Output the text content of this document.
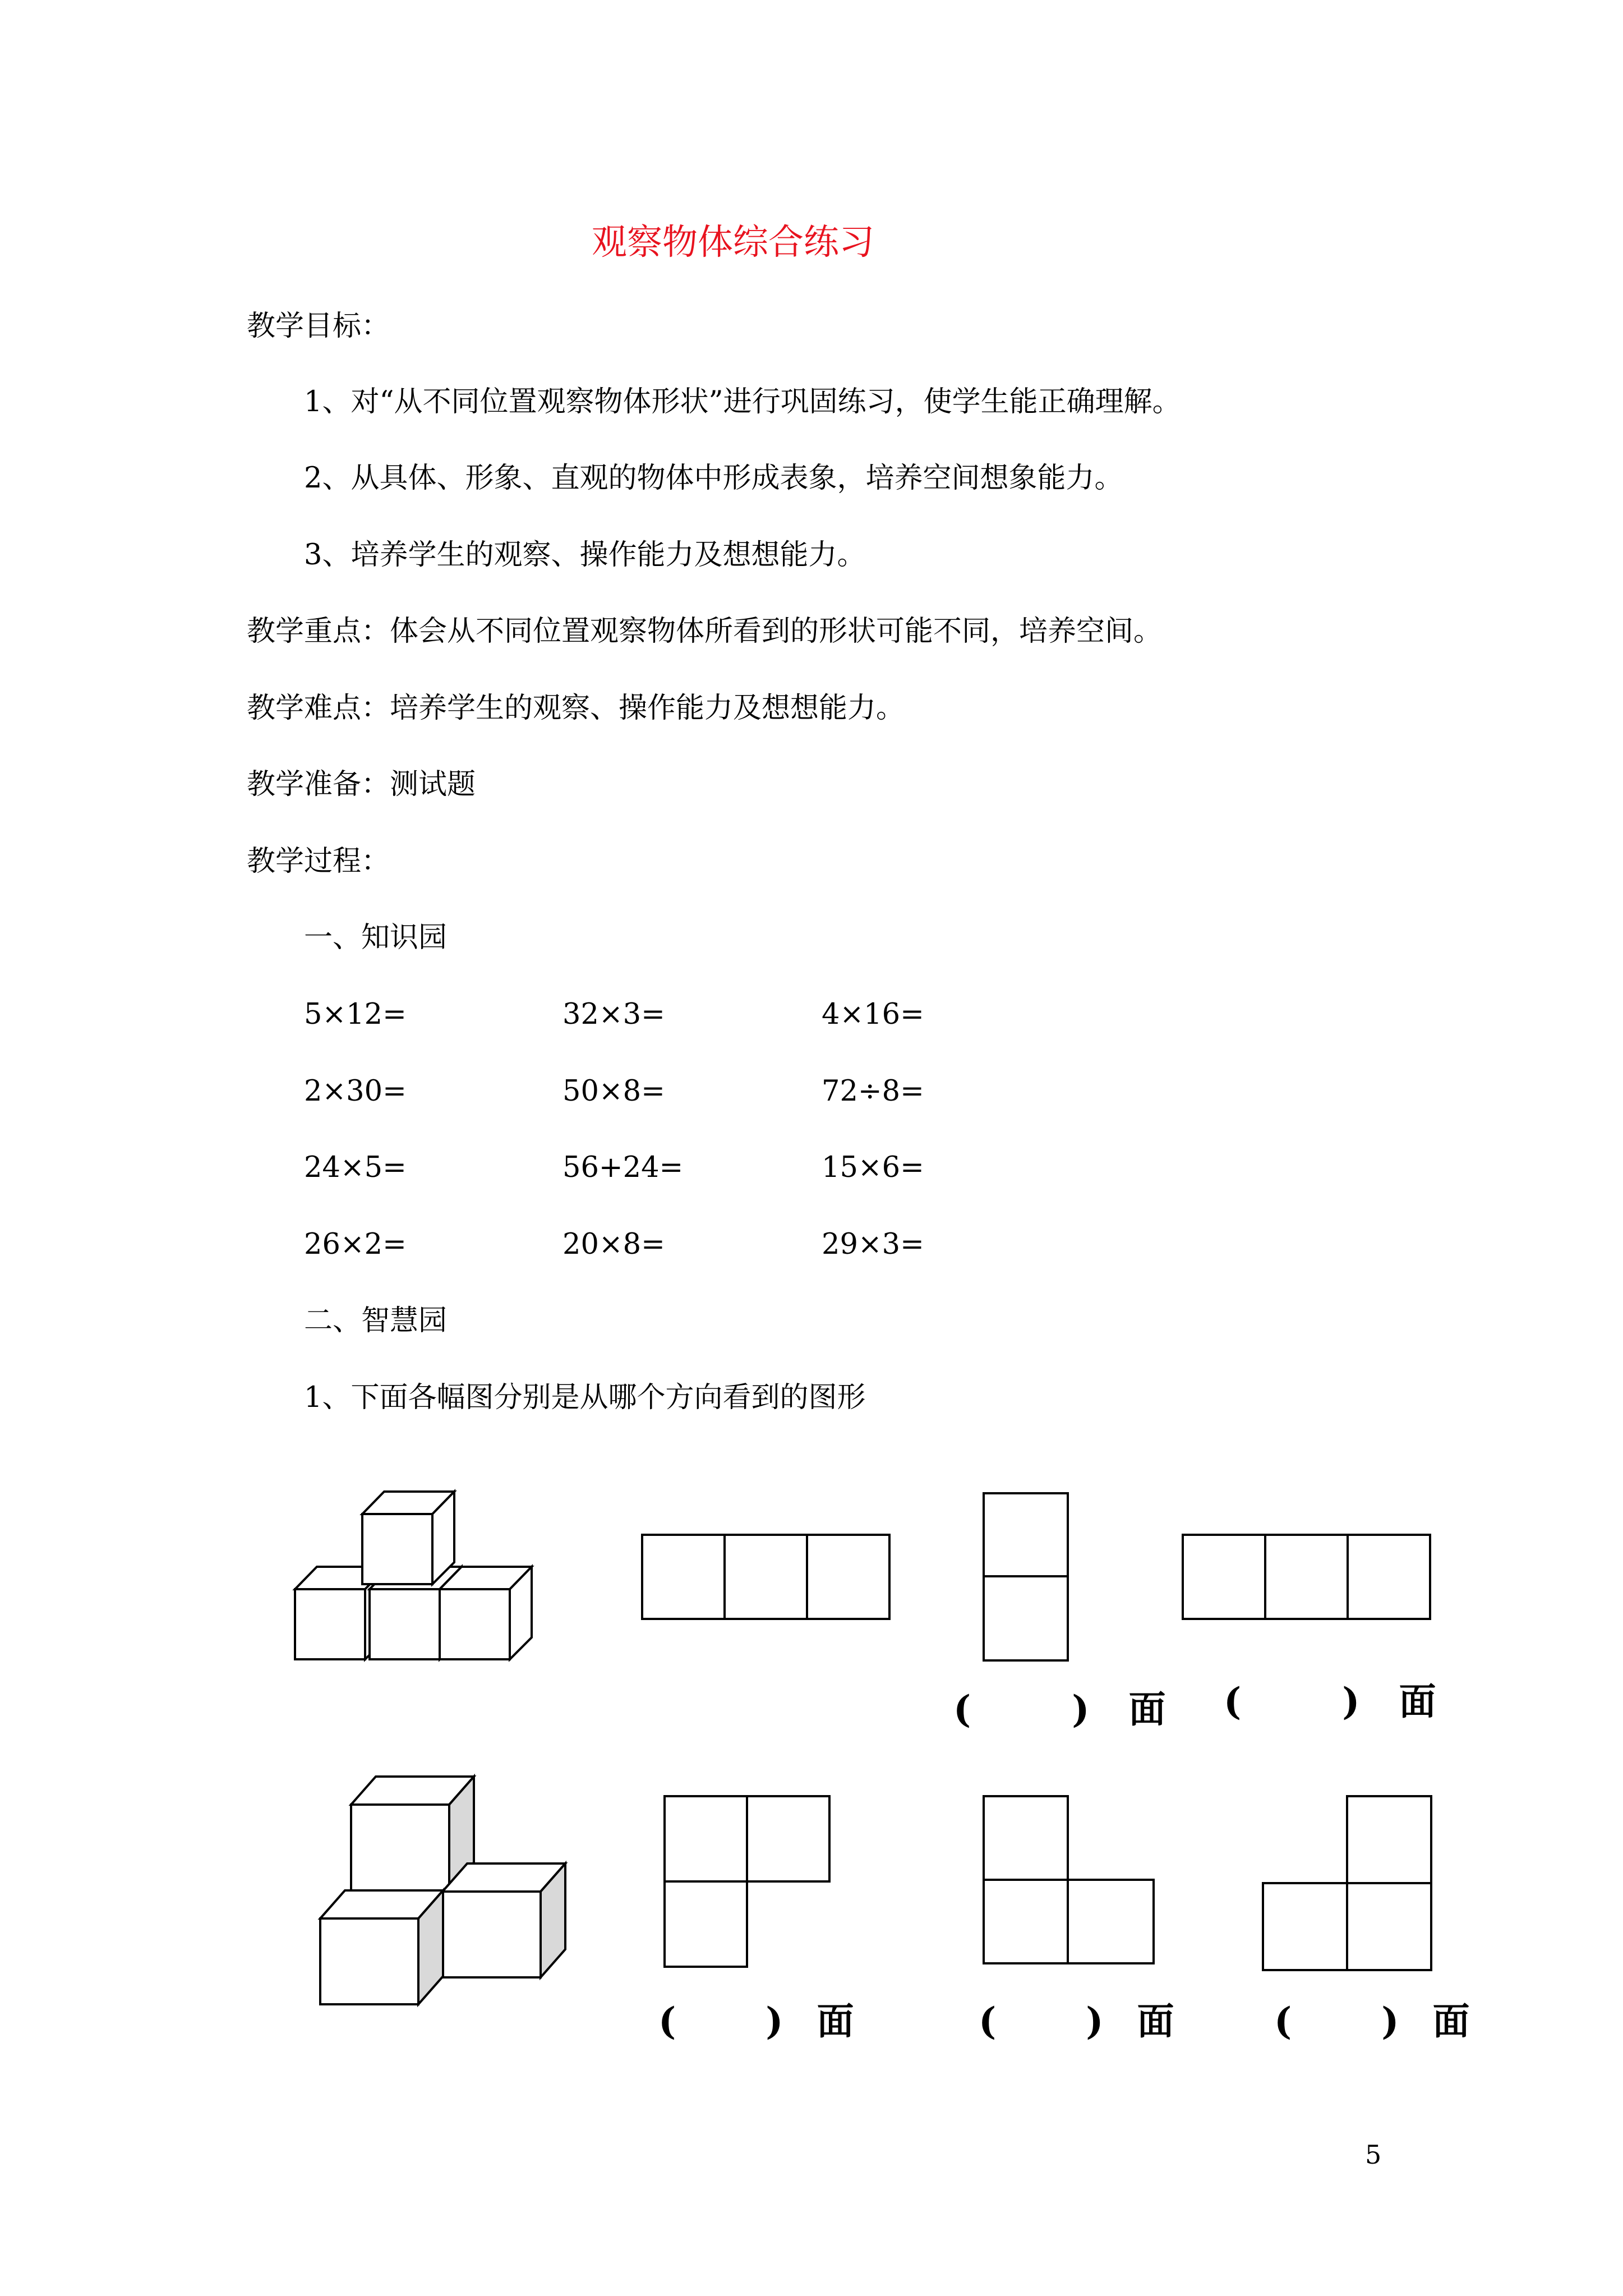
观察物体综合练习
教学目标：
1、对“从不同位置观察物体形状”进行巩固练习，使学生能正确理解。
2、从具体、形象、直观的物体中形成表象，培养空间想象能力。
3、培养学生的观察、操作能力及想想能力。
教学重点：体会从不同位置观察物体所看到的形状可能不同，培养空间。
教学难点：培养学生的观察、操作能力及想想能力。
教学准备：测试题
教学过程：
一、知识园
5×12=	32×3=	4×16=
2×30=	50×8=	72÷8=
24×5=	56+24=	15×6=
26×2=	20×8=	29×3=
二、智慧园
1、下面各幅图分别是从哪个方向看到的图形
(	) 面 (	) 面
( ) 面	( ) 面	( ) 面
5
